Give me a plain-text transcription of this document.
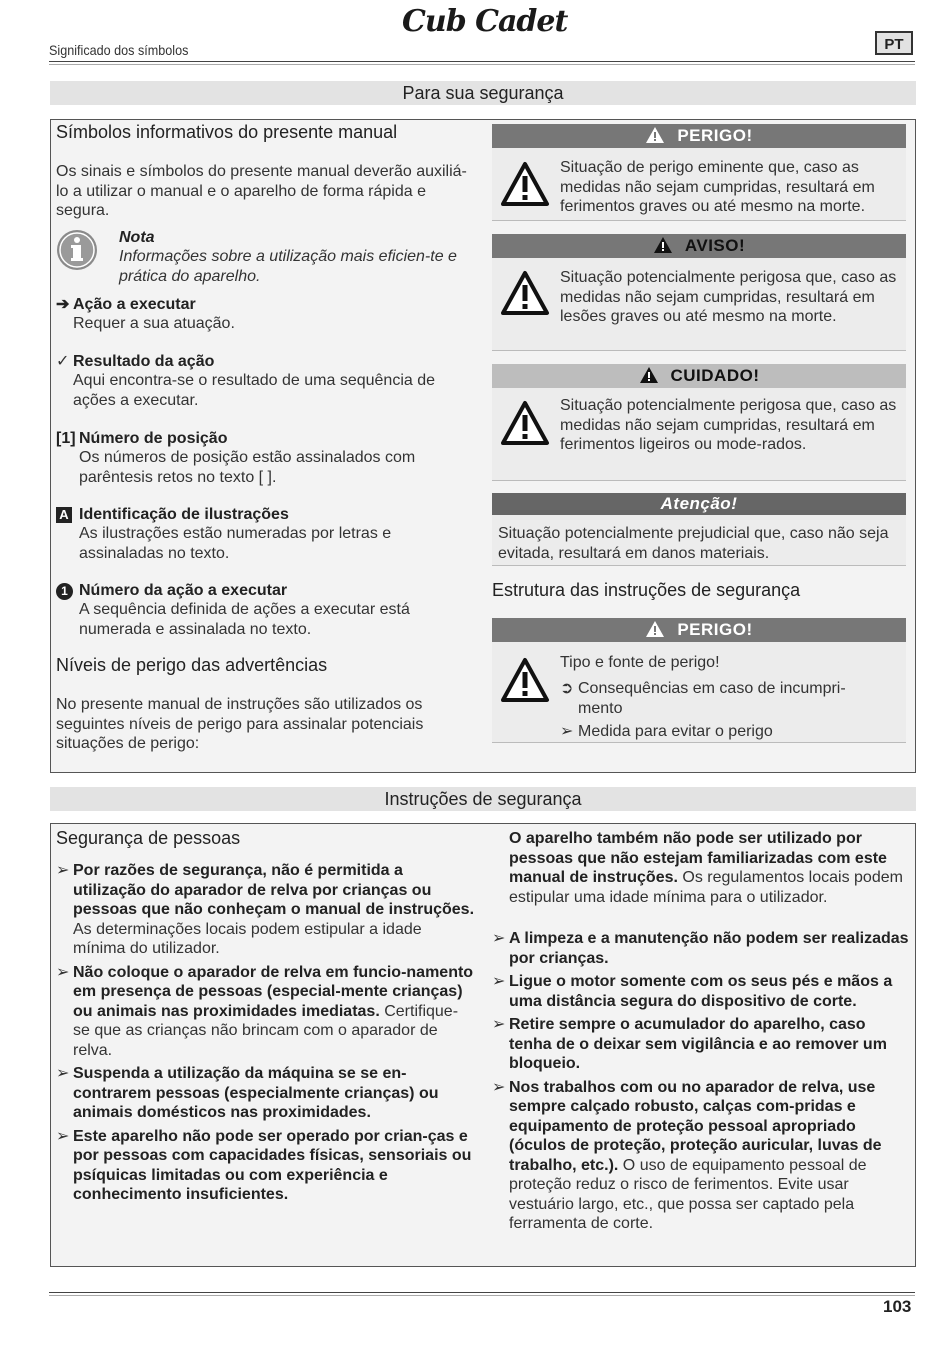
Significado dos símbolos
Cub Cadet
PT
Para sua segurança
Símbolos informativos do presente manual
Os sinais e símbolos do presente manual deverão auxiliá-lo a utilizar o manual e o aparelho de forma rápida e segura.
Nota
Informações sobre a utilização mais eficien-te e prática do aparelho.
➔ Ação a executar
Requer a sua atuação.
✓ Resultado da ação
Aqui encontra-se o resultado de uma sequência de ações a executar.
[1] Número de posição
Os números de posição estão assinalados com parêntesis retos no texto [ ].
A Identificação de ilustrações
As ilustrações estão numeradas por letras e assinaladas no texto.
1 Número da ação a executar
A sequência definida de ações a executar está numerada e assinalada no texto.
Níveis de perigo das advertências
No presente manual de instruções são utilizados os seguintes níveis de perigo para assinalar potenciais situações de perigo:
PERIGO!
Situação de perigo eminente que, caso as medidas não sejam cumpridas, resultará em ferimentos graves ou até mesmo na morte.
AVISO!
Situação potencialmente perigosa que, caso as medidas não sejam cumpridas, resultará em lesões graves ou até mesmo na morte.
CUIDADO!
Situação potencialmente perigosa que, caso as medidas não sejam cumpridas, resultará em ferimentos ligeiros ou mode-rados.
Atenção!
Situação potencialmente prejudicial que, caso não seja evitada, resultará em danos materiais.
Estrutura das instruções de segurança
PERIGO!
Tipo e fonte de perigo!
➲ Consequências em caso de incumpri-mento
➢ Medida para evitar o perigo
Instruções de segurança
Segurança de pessoas
➢ Por razões de segurança, não é permitida a utilização do aparador de relva por crianças ou pessoas que não conheçam o manual de instruções. As determinações locais podem estipular a idade mínima do utilizador.
➢ Não coloque o aparador de relva em funcio-namento em presença de pessoas (especial-mente crianças) ou animais nas proximidades imediatas. Certifique-se que as crianças não brincam com o aparador de relva.
➢ Suspenda a utilização da máquina se se en-contrarem pessoas (especialmente crianças) ou animais domésticos nas proximidades.
➢ Este aparelho não pode ser operado por crian-ças e por pessoas com capacidades físicas, sensoriais ou psíquicas limitadas ou com experiência e conhecimento insuficientes.
O aparelho também não pode ser utilizado por pessoas que não estejam familiarizadas com este manual de instruções. Os regulamentos locais podem estipular uma idade mínima para o utilizador.
➢ A limpeza e a manutenção não podem ser realizadas por crianças.
➢ Ligue o motor somente com os seus pés e mãos a uma distância segura do dispositivo de corte.
➢ Retire sempre o acumulador do aparelho, caso tenha de o deixar sem vigilância e ao remover um bloqueio.
➢ Nos trabalhos com ou no aparador de relva, use sempre calçado robusto, calças com-pridas e equipamento de proteção pessoal apropriado (óculos de proteção, proteção auricular, luvas de trabalho, etc.). O uso de equipamento pessoal de proteção reduz o risco de ferimentos. Evite usar vestuário largo, etc., que possa ser captado pela ferramenta de corte.
103
